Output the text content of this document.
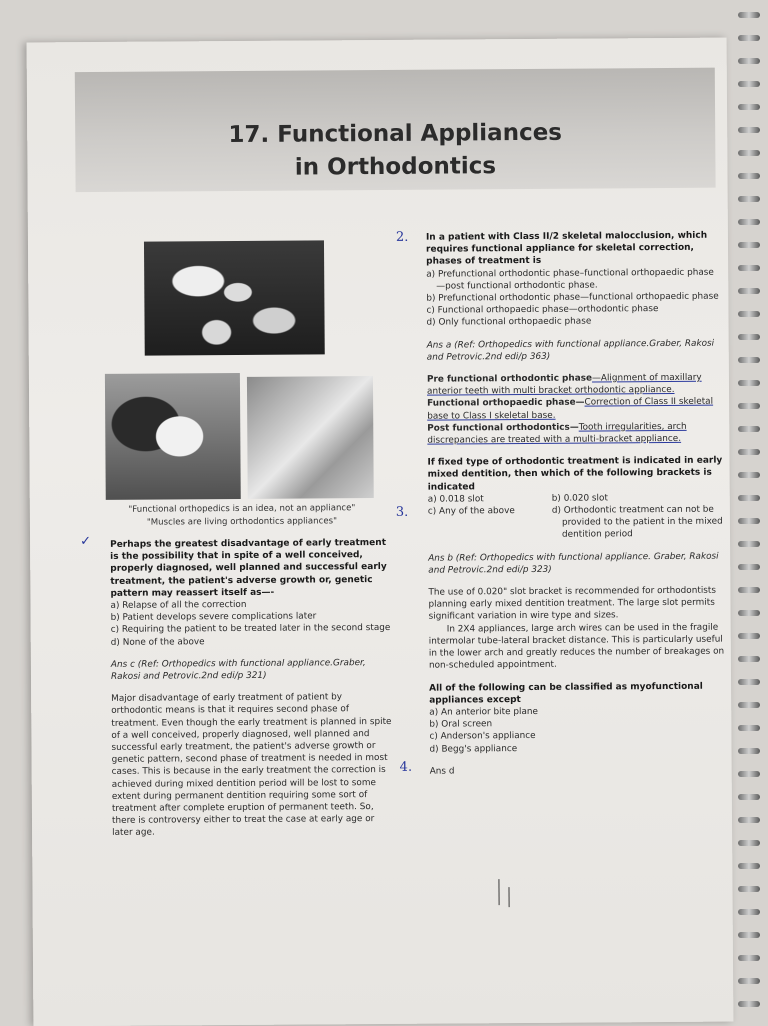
17. Functional Appliances
in Orthodontics
"Functional orthopedics is an idea, not an appliance"
"Muscles are living orthodontics appliances"
✓ Perhaps the greatest disadvantage of early treatment is the possibility that in spite of a well conceived, properly diagnosed, well planned and successful early treatment, the patient's adverse growth or, genetic pattern may reassert itself as—-
a) Relapse of all the correction
b) Patient develops severe complications later
c) Requiring the patient to be treated later in the second stage
d) None of the above
Ans c (Ref: Orthopedics with functional appliance.Graber, Rakosi and Petrovic.2nd edi/p 321)
Major disadvantage of early treatment of patient by orthodontic means is that it requires second phase of treatment. Even though the early treatment is planned in spite of a well conceived, properly diagnosed, well planned and successful early treatment, the patient's adverse growth or genetic pattern, second phase of treatment is needed in most cases. This is because in the early treatment the correction is achieved during mixed dentition period will be lost to some extent during permanent dentition requiring some sort of treatment after complete eruption of permanent teeth. So, there is controversy either to treat the case at early age or later age.
2. In a patient with Class II/2 skeletal malocclusion, which requires functional appliance for skeletal correction, phases of treatment is
a) Prefunctional orthodontic phase–functional orthopaedic phase—post functional orthodontic phase.
b) Prefunctional orthodontic phase—functional orthopaedic phase
c) Functional orthopaedic phase—orthodontic phase
d) Only functional orthopaedic phase
Ans a (Ref: Orthopedics with functional appliance.Graber, Rakosi and Petrovic.2nd edi/p 363)
Pre functional orthodontic phase—Alignment of maxillary anterior teeth with multi bracket orthodontic appliance.
Functional orthopaedic phase—Correction of Class II skeletal base to Class I skeletal base.
Post functional orthodontics—Tooth irregularities, arch discrepancies are treated with a multi-bracket appliance.
If fixed type of orthodontic treatment is indicated in early mixed dentition, then which of the following brackets is indicated
a) 0.018 slot
c) Any of the above
b) 0.020 slot
d) Orthodontic treatment can not be provided to the patient in the mixed dentition period
Ans b (Ref: Orthopedics with functional appliance. Graber, Rakosi and Petrovic.2nd edi/p 323)
The use of 0.020" slot bracket is recommended for orthodontists planning early mixed dentition treatment. The large slot permits significant variation in wire type and sizes.
In 2X4 appliances, large arch wires can be used in the fragile intermolar tube-lateral bracket distance. This is particularly useful in the lower arch and greatly reduces the number of breakages on non-scheduled appointment.
All of the following can be classified as myofunctional appliances except
a) An anterior bite plane
b) Oral screen
c) Anderson's appliance
d) Begg's appliance
Ans d
3.
4.
